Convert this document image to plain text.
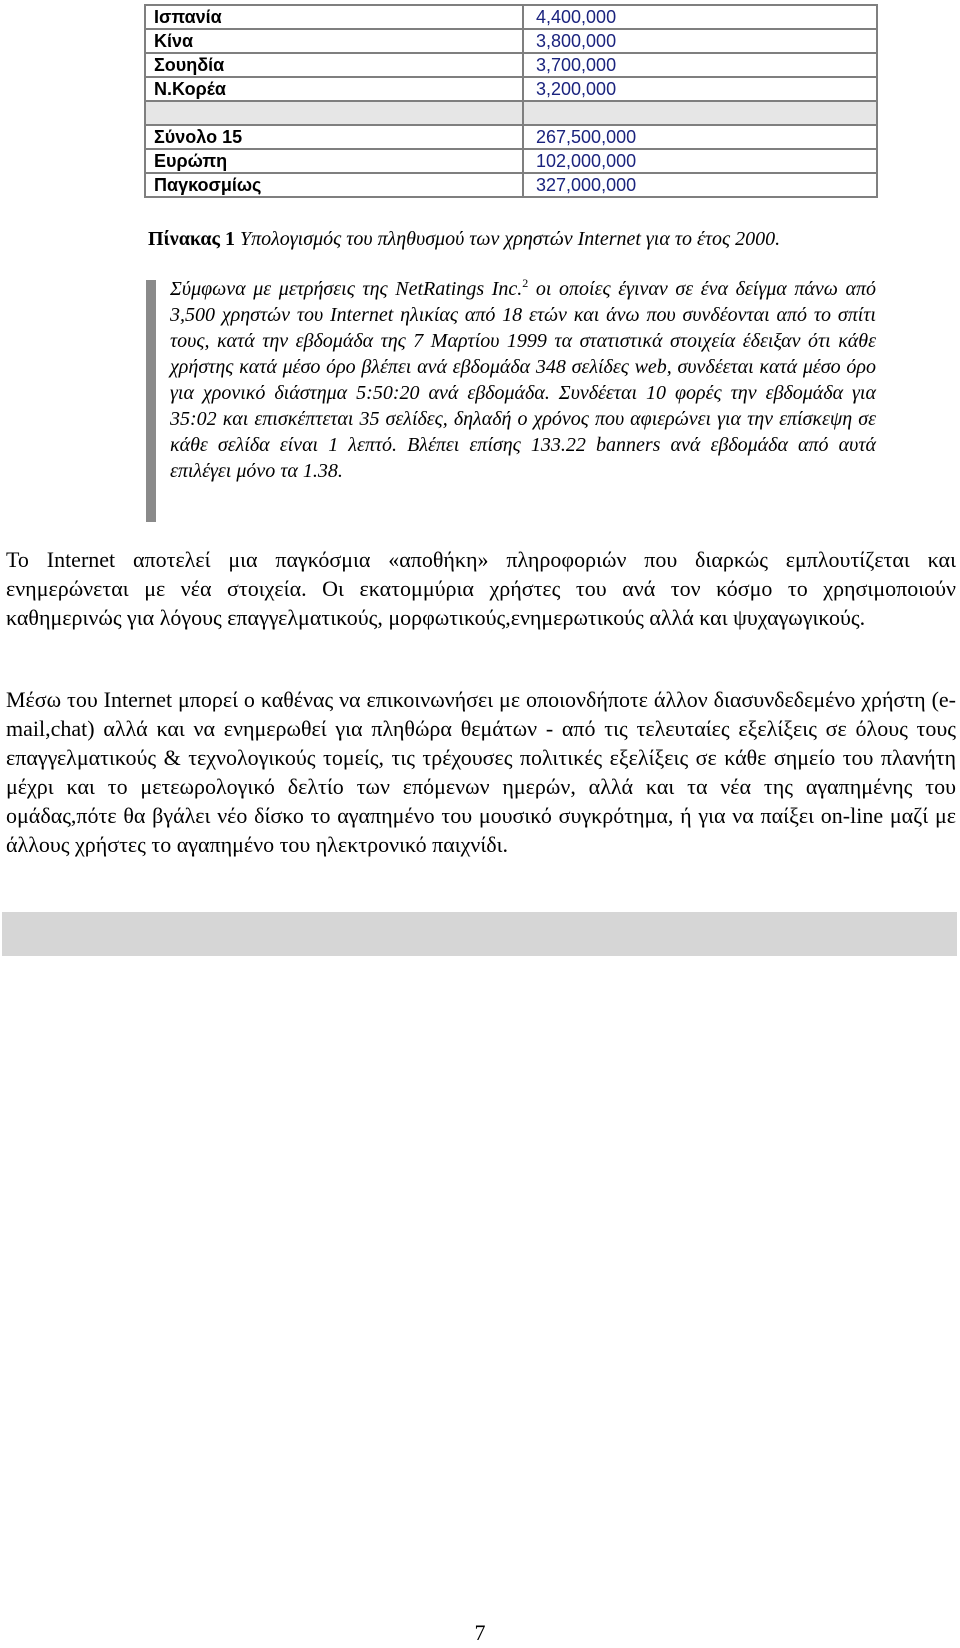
Ισπανία	4,400,000
Κίνα	3,800,000
Σουηδία	3,700,000
Ν.Κορέα	3,200,000

Σύνολο 15	267,500,000
Ευρώπη	102,000,000
Παγκοσμίως	327,000,000
Πίνακας 1 Υπολογισμός του πληθυσμού των χρηστών Internet για το έτος 2000.
Σύμφωνα με μετρήσεις της NetRatings Inc.$^2$ οι οποίες έγιναν σε ένα δείγμα πάνω από 3,500 χρηστών του Internet ηλικίας από 18 ετών και άνω που συνδέονται από το σπίτι τους, κατά την εβδομάδα της 7 Μαρτίου 1999 τα στατιστικά στοιχεία έδειξαν ότι κάθε χρήστης κατά μέσο όρο βλέπει ανά εβδομάδα 348 σελίδες web, συνδέεται κατά μέσο όρο για χρονικό διάστημα 5:50:20 ανά εβδομάδα. Συνδέεται 10 φορές την εβδομάδα για 35:02 και επισκέπτεται 35 σελίδες, δηλαδή ο χρόνος που αφιερώνει για την επίσκεψη σε κάθε σελίδα είναι 1 λεπτό. Βλέπει επίσης 133.22 banners ανά εβδομάδα από αυτά επιλέγει μόνο τα 1.38.
Το Internet αποτελεί μια παγκόσμια «αποθήκη» πληροφοριών που διαρκώς εμπλουτίζεται και ενημερώνεται με νέα στοιχεία. Οι εκατομμύρια χρήστες του ανά τον κόσμο το χρησιμοποιούν καθημερινώς για λόγους επαγγελματικούς, μορφωτικούς,ενημερωτικούς αλλά και ψυχαγωγικούς.
Μέσω του Internet μπορεί ο καθένας να επικοινωνήσει με οποιονδήποτε άλλον διασυνδεδεμένο χρήστη (e-mail,chat) αλλά και να ενημερωθεί για πληθώρα θεμάτων - από τις τελευταίες εξελίξεις σε όλους τους επαγγελματικούς & τεχνολογικούς τομείς, τις τρέχουσες πολιτικές εξελίξεις σε κάθε σημείο του πλανήτη μέχρι και το μετεωρολογικό δελτίο των επόμενων ημερών, αλλά και τα νέα της αγαπημένης του ομάδας,πότε θα βγάλει νέο δίσκο το αγαπημένο του μουσικό συγκρότημα, ή για να παίξει on-line μαζί με άλλους χρήστες το αγαπημένο του ηλεκτρονικό παιχνίδι.
7
